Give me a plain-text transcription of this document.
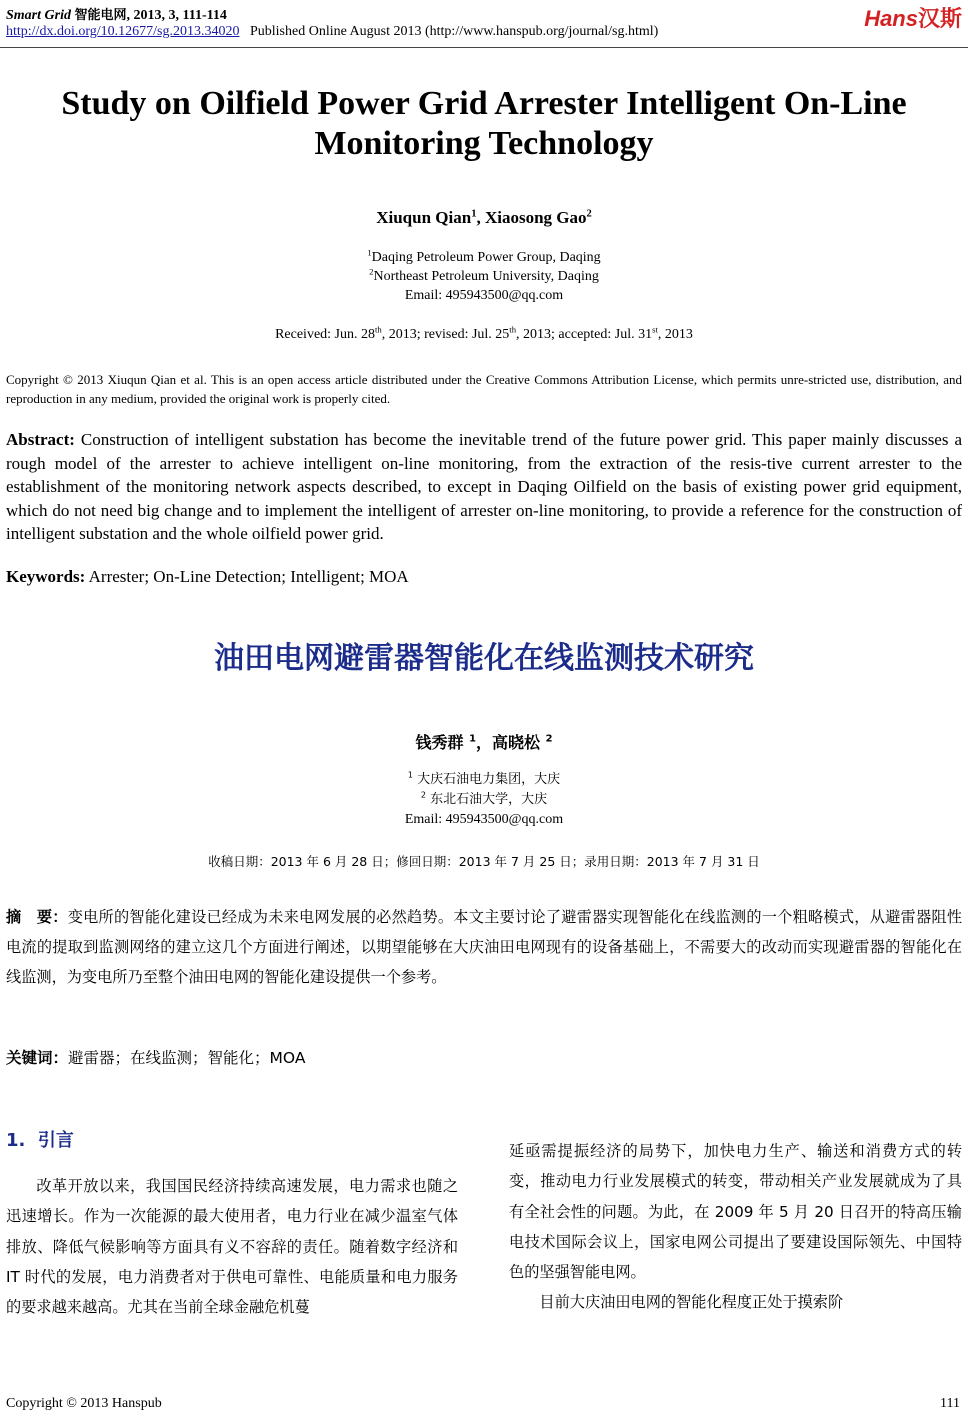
Smart Grid 智能电网, 2013, 3, 111-114
http://dx.doi.org/10.12677/sg.2013.34020 Published Online August 2013 (http://www.hanspub.org/journal/sg.html)
Hans汉斯
Study on Oilfield Power Grid Arrester Intelligent On-Line
Monitoring Technology
Xiuqun Qian$^1$, Xiaosong Gao$^2$
$^1$Daqing Petroleum Power Group, Daqing
$^2$Northeast Petroleum University, Daqing
Email: 495943500@qq.com
Received: Jun. 28th, 2013; revised: Jul. 25th, 2013; accepted: Jul. 31st, 2013
Copyright © 2013 Xiuqun Qian et al. This is an open access article distributed under the Creative Commons Attribution License, which permits unre-stricted use, distribution, and reproduction in any medium, provided the original work is properly cited.
Abstract: Construction of intelligent substation has become the inevitable trend of the future power grid. This paper mainly discusses a rough model of the arrester to achieve intelligent on-line monitoring, from the extraction of the resis-tive current arrester to the establishment of the monitoring network aspects described, to except in Daqing Oilfield on the basis of existing power grid equipment, which do not need big change and to implement the intelligent of arrester on-line monitoring, to provide a reference for the construction of intelligent substation and the whole oilfield power grid.
Keywords: Arrester; On-Line Detection; Intelligent; MOA
油田电网避雷器智能化在线监测技术研究
钱秀群 $^1$，高晓松 $^2$
$^1$ 大庆石油电力集团，大庆
$^2$ 东北石油大学，大庆
Email: 495943500@qq.com
收稿日期：2013 年 6 月 28 日；修回日期：2013 年 7 月 25 日；录用日期：2013 年 7 月 31 日
摘　要：变电所的智能化建设已经成为未来电网发展的必然趋势。本文主要讨论了避雷器实现智能化在线监测的一个粗略模式，从避雷器阻性电流的提取到监测网络的建立这几个方面进行阐述，以期望能够在大庆油田电网现有的设备基础上，不需要大的改动而实现避雷器的智能化在线监测，为变电所乃至整个油田电网的智能化建设提供一个参考。
关键词：避雷器；在线监测；智能化；MOA
1. 引言

改革开放以来，我国国民经济持续高速发展，电力需求也随之迅速增长。作为一次能源的最大使用者，电力行业在减少温室气体排放、降低气候影响等方面具有义不容辞的责任。随着数字经济和 IT 时代的发展，电力消费者对于供电可靠性、电能质量和电力服务的要求越来越高。尤其在当前全球金融危机蔓

延亟需提振经济的局势下，加快电力生产、输送和消费方式的转变，推动电力行业发展模式的转变，带动相关产业发展就成为了具有全社会性的问题。为此，在 2009 年 5 月 20 日召开的特高压输电技术国际会议上，国家电网公司提出了要建设国际领先、中国特色的坚强智能电网。

目前大庆油田电网的智能化程度正处于摸索阶

Copyright © 2013 Hanspub	111
